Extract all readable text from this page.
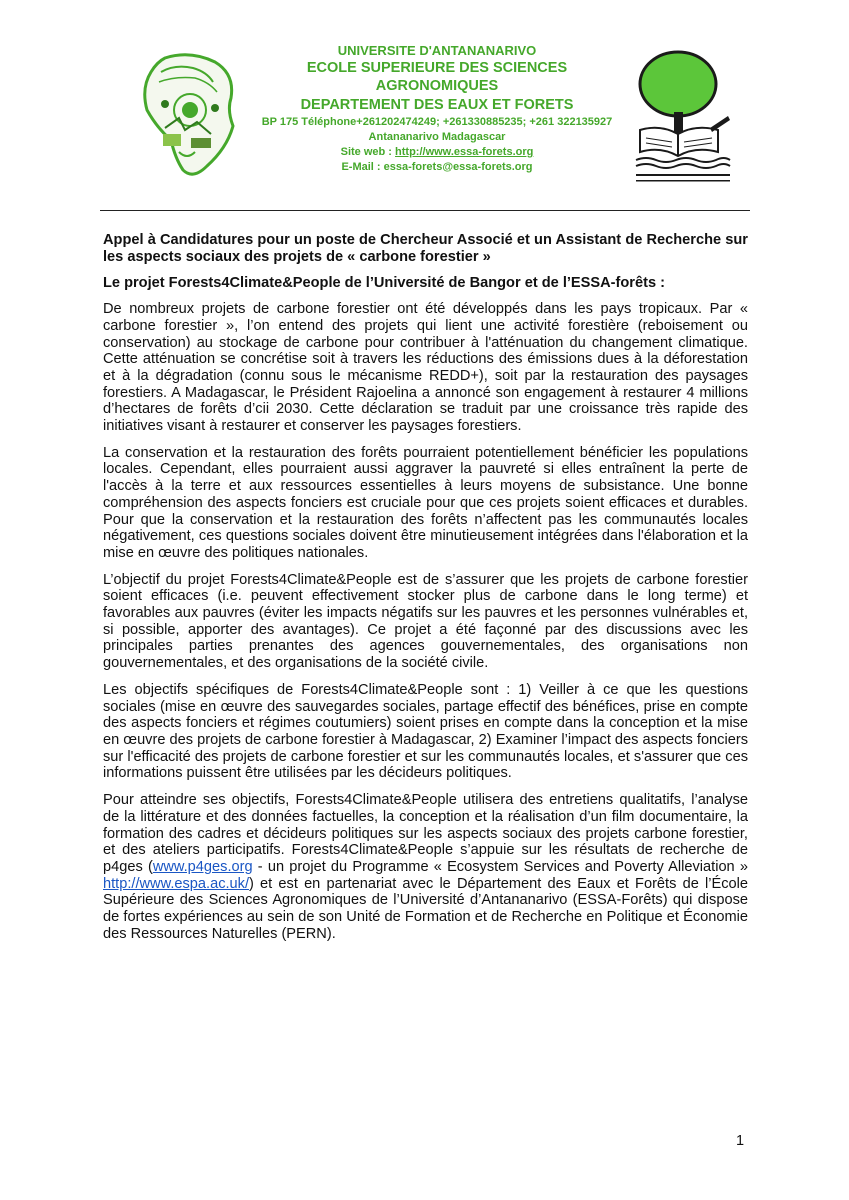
UNIVERSITE D'ANTANANARIVO
ECOLE SUPERIEURE DES SCIENCES AGRONOMIQUES
DEPARTEMENT DES EAUX ET FORETS
BP 175 Téléphone+261202474249; +261330885235; +261 322135927
Antananarivo Madagascar
Site web : http://www.essa-forets.org
E-Mail : essa-forets@essa-forets.org

Appel à Candidatures pour un poste de Chercheur Associé et un Assistant de Recherche sur les aspects sociaux des projets de « carbone forestier »

Le projet Forests4Climate&People de l’Université de Bangor et de l’ESSA-forêts :

De nombreux projets de carbone forestier ont été développés dans les pays tropicaux. Par « carbone forestier », l’on entend des projets qui lient une activité forestière (reboisement ou conservation) au stockage de carbone pour contribuer à l'atténuation du changement climatique. Cette atténuation se concrétise soit à travers les réductions des émissions dues à la déforestation et à la dégradation (connu sous le mécanisme REDD+), soit par la restauration des paysages forestiers. A Madagascar, le Président Rajoelina a annoncé son engagement à restaurer 4 millions d’hectares de forêts d’cii 2030. Cette déclaration se traduit par une croissance très rapide des initiatives visant à restaurer et conserver les paysages forestiers.

La conservation et la restauration des forêts pourraient potentiellement bénéficier les populations locales. Cependant, elles pourraient aussi aggraver la pauvreté si elles entraînent la perte de l'accès à la terre et aux ressources essentielles à leurs moyens de subsistance. Une bonne compréhension des aspects fonciers est cruciale pour que ces projets soient efficaces et durables. Pour que la conservation et la restauration des forêts n’affectent pas les communautés locales négativement, ces questions sociales doivent être minutieusement intégrées dans l'élaboration et la mise en œuvre des politiques nationales.

L’objectif du projet Forests4Climate&People est de s’assurer que les projets de carbone forestier soient efficaces (i.e. peuvent effectivement stocker plus de carbone dans le long terme) et favorables aux pauvres (éviter les impacts négatifs sur les pauvres et les personnes vulnérables et, si possible, apporter des avantages). Ce projet a été façonné par des discussions avec les principales parties prenantes des agences gouvernementales, des organisations non gouvernementales, et des organisations de la société civile.

Les objectifs spécifiques de Forests4Climate&People sont : 1) Veiller à ce que les questions sociales (mise en œuvre des sauvegardes sociales, partage effectif des bénéfices, prise en compte des aspects fonciers et régimes coutumiers) soient prises en compte dans la conception et la mise en œuvre des projets de carbone forestier à Madagascar, 2) Examiner l’impact des aspects fonciers sur l'efficacité des projets de carbone forestier et sur les communautés locales, et s'assurer que ces informations puissent être utilisées par les décideurs politiques.

Pour atteindre ses objectifs, Forests4Climate&People utilisera des entretiens qualitatifs, l’analyse de la littérature et des données factuelles, la conception et la réalisation d’un film documentaire, la formation des cadres et décideurs politiques sur les aspects sociaux des projets carbone forestier, et des ateliers participatifs. Forests4Climate&People s’appuie sur les résultats de recherche de p4ges (www.p4ges.org - un projet du Programme « Ecosystem Services and Poverty Alleviation » http://www.espa.ac.uk/) et est en partenariat avec le Département des Eaux et Forêts de l’École Supérieure des Sciences Agronomiques de l’Université d’Antananarivo (ESSA-Forêts) qui dispose de fortes expériences au sein de son Unité de Formation et de Recherche en Politique et Économie des Ressources Naturelles (PERN).

1
